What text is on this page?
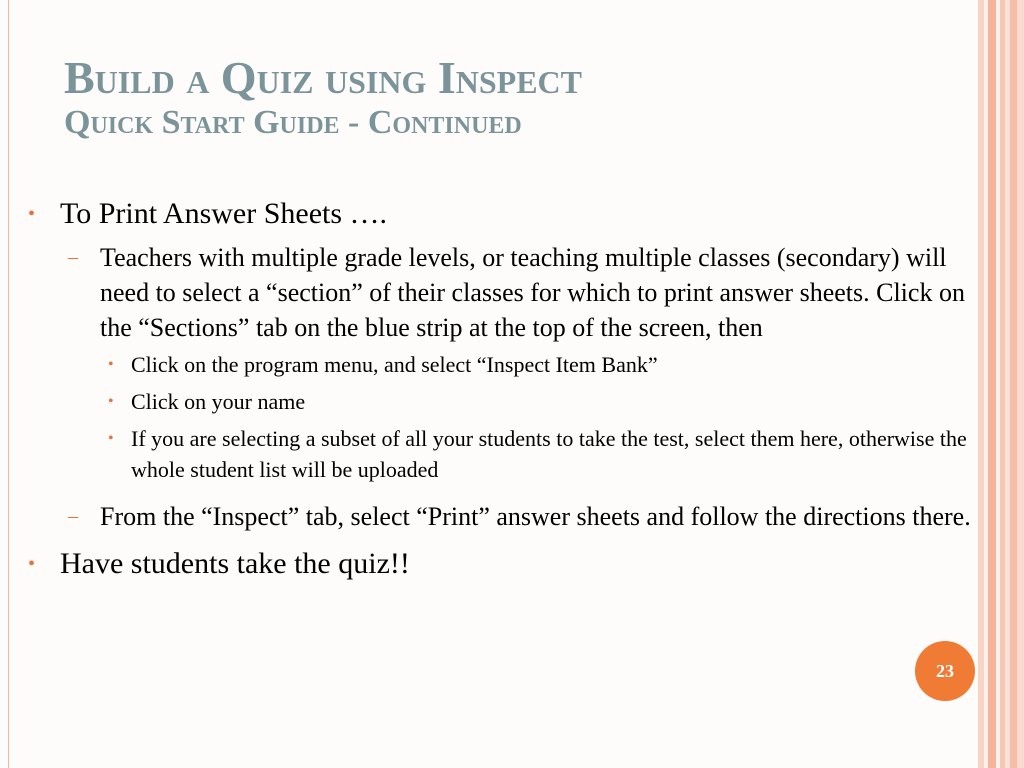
Build a Quiz using Inspect
Quick Start Guide - Continued
• To Print Answer Sheets ….
– Teachers with multiple grade levels, or teaching multiple classes (secondary) will need to select a “section” of their classes for which to print answer sheets. Click on the “Sections” tab on the blue strip at the top of the screen, then
• Click on the program menu, and select “Inspect Item Bank”
• Click on your name
• If you are selecting a subset of all your students to take the test, select them here, otherwise the whole student list will be uploaded
– From the “Inspect” tab, select “Print” answer sheets and follow the directions there.
• Have students take the quiz!!
23
